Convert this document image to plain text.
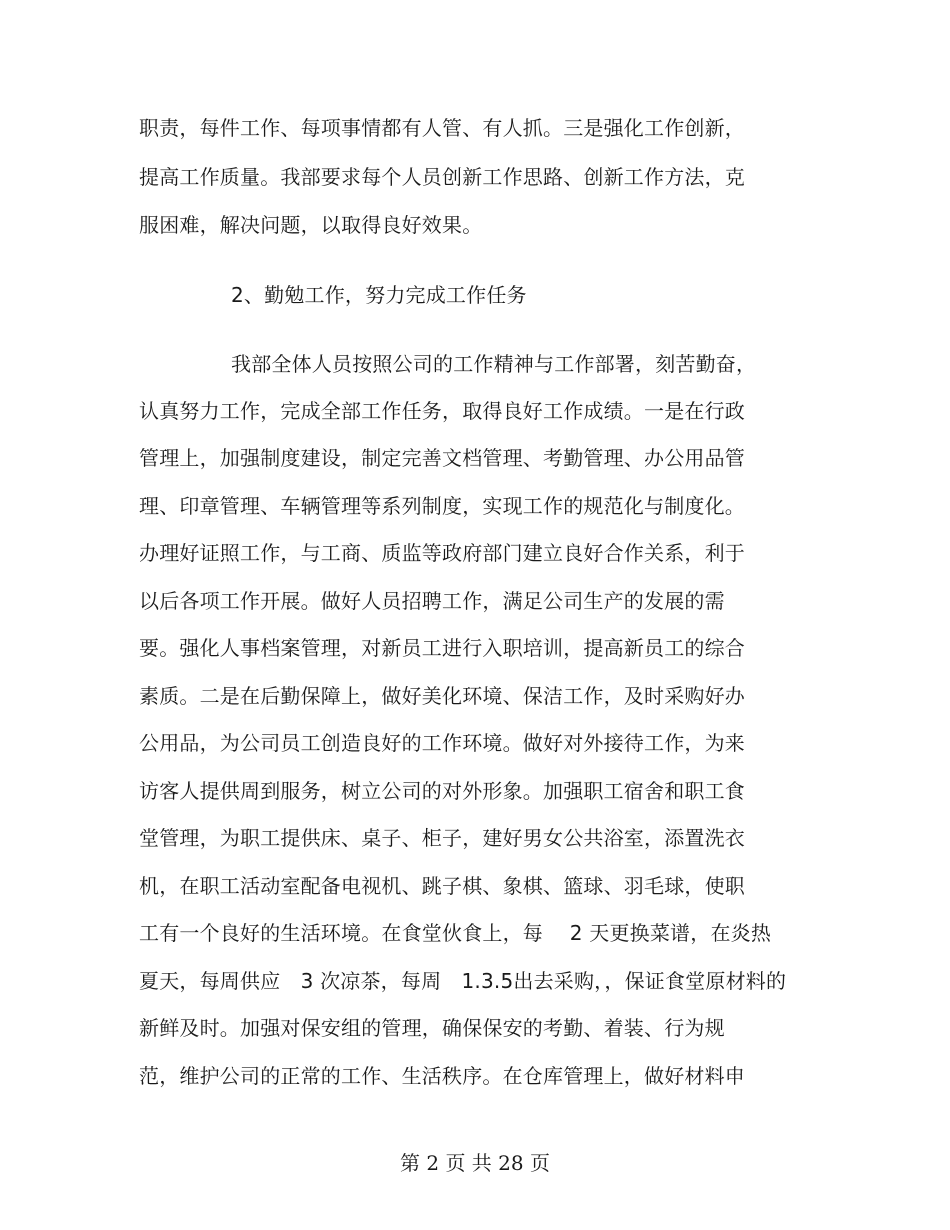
职责，每件工作、每项事情都有人管、有人抓。三是强化工作创新，
提高工作质量。我部要求每个人员创新工作思路、创新工作方法，克
服困难，解决问题，以取得良好效果。
2、勤勉工作，努力完成工作任务
我部全体人员按照公司的工作精神与工作部署，刻苦勤奋，
认真努力工作，完成全部工作任务，取得良好工作成绩。一是在行政
管理上，加强制度建设，制定完善文档管理、考勤管理、办公用品管
理、印章管理、车辆管理等系列制度，实现工作的规范化与制度化。
办理好证照工作，与工商、质监等政府部门建立良好合作关系，利于
以后各项工作开展。做好人员招聘工作，满足公司生产的发展的需
要。强化人事档案管理，对新员工进行入职培训，提高新员工的综合
素质。二是在后勤保障上，做好美化环境、保洁工作，及时采购好办
公用品，为公司员工创造良好的工作环境。做好对外接待工作，为来
访客人提供周到服务，树立公司的对外形象。加强职工宿舍和职工食
堂管理，为职工提供床、桌子、柜子，建好男女公共浴室，添置洗衣
机，在职工活动室配备电视机、跳子棋、象棋、篮球、羽毛球，使职
工有一个良好的生活环境。在食堂伙食上，每　 2 天更换菜谱，在炎热
夏天，每周供应　3 次凉茶，每周　1.3.5出去采购，，保证食堂原材料的
新鲜及时。加强对保安组的管理，确保保安的考勤、着装、行为规
范，维护公司的正常的工作、生活秩序。在仓库管理上，做好材料申
第 2 页 共 28 页
